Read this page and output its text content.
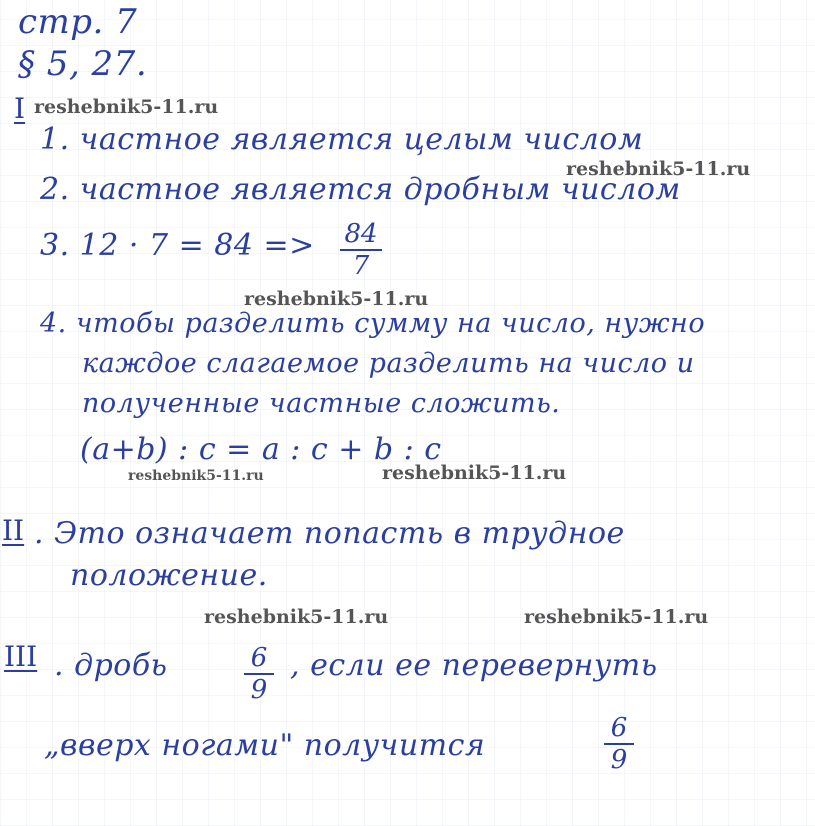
стр. 7
§ 5, 27.
I
1. частное является целым числом
2. частное является дробным числом
3. 12 · 7 = 84 => 84
7
4. чтобы разделить сумму на число, нужно
каждое слагаемое разделить на число и
полученные частные сложить.
(a+b) : c = a : c + b : c
II . Это означает попасть в трудное
положение.
III . дробь	6
9
, если ее перевернуть
„вверх ногами" получится	6
9
reshebnik5-11.ru
reshebnik5-11.ru
reshebnik5-11.ru
reshebnik5-11.ru	reshebnik5-11.ru
reshebnik5-11.ru	reshebnik5-11.ru
